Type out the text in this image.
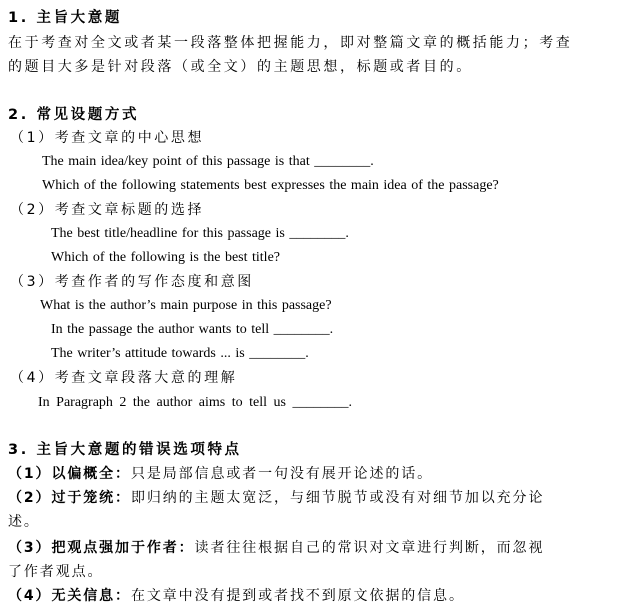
1. 主旨大意题
在于考查对全文或者某一段落整体把握能力，即对整篇文章的概括能力；考查
的题目大多是针对段落（或全文）的主题思想，标题或者目的。
2. 常见设题方式
（1）考查文章的中心思想
The main idea/key point of this passage is that ________.
Which of the following statements best expresses the main idea of the passage?
（2）考查文章标题的选择
The best title/headline for this passage is ________.
Which of the following is the best title?
（3）考查作者的写作态度和意图
What is the author’s main purpose in this passage?
In the passage the author wants to tell ________.
The writer’s attitude towards ... is ________.
（4）考查文章段落大意的理解
In Paragraph 2 the author aims to tell us ________.
3. 主旨大意题的错误选项特点
（1）以偏概全：只是局部信息或者一句没有展开论述的话。
（2）过于笼统：即归纳的主题太宽泛，与细节脱节或没有对细节加以充分论
述。
（3）把观点强加于作者：读者往往根据自己的常识对文章进行判断，而忽视
了作者观点。
（4）无关信息：在文章中没有提到或者找不到原文依据的信息。
